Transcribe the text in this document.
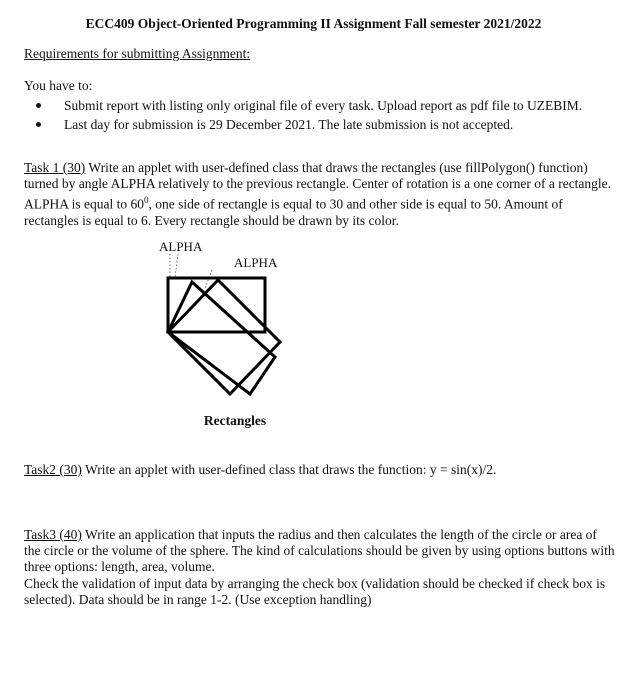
ECC409 Object-Oriented Programming II Assignment Fall semester 2021/2022
Requirements for submitting Assignment:
You have to:
Submit report with listing only original file of every task. Upload report as pdf file to UZEBIM.
Last day for submission is 29 December 2021. The late submission is not accepted.
Task 1 (30) Write an applet with user-defined class that draws the rectangles (use fillPolygon() function) turned by angle ALPHA relatively to the previous rectangle. Center of rotation is a one corner of a rectangle. ALPHA is equal to $60^0$, one side of rectangle is equal to 30 and other side is equal to 50. Amount of rectangles is equal to 6. Every rectangle should be drawn by its color.
ALPHA
ALPHA
Rectangles
Task2 (30) Write an applet with user-defined class that draws the function: y = sin(x)/2.
Task3 (40) Write an application that inputs the radius and then calculates the length of the circle or area of the circle or the volume of the sphere. The kind of calculations should be given by using options buttons with three options: length, area, volume.
Check the validation of input data by arranging the check box (validation should be checked if check box is selected). Data should be in range 1-2. (Use exception handling)
